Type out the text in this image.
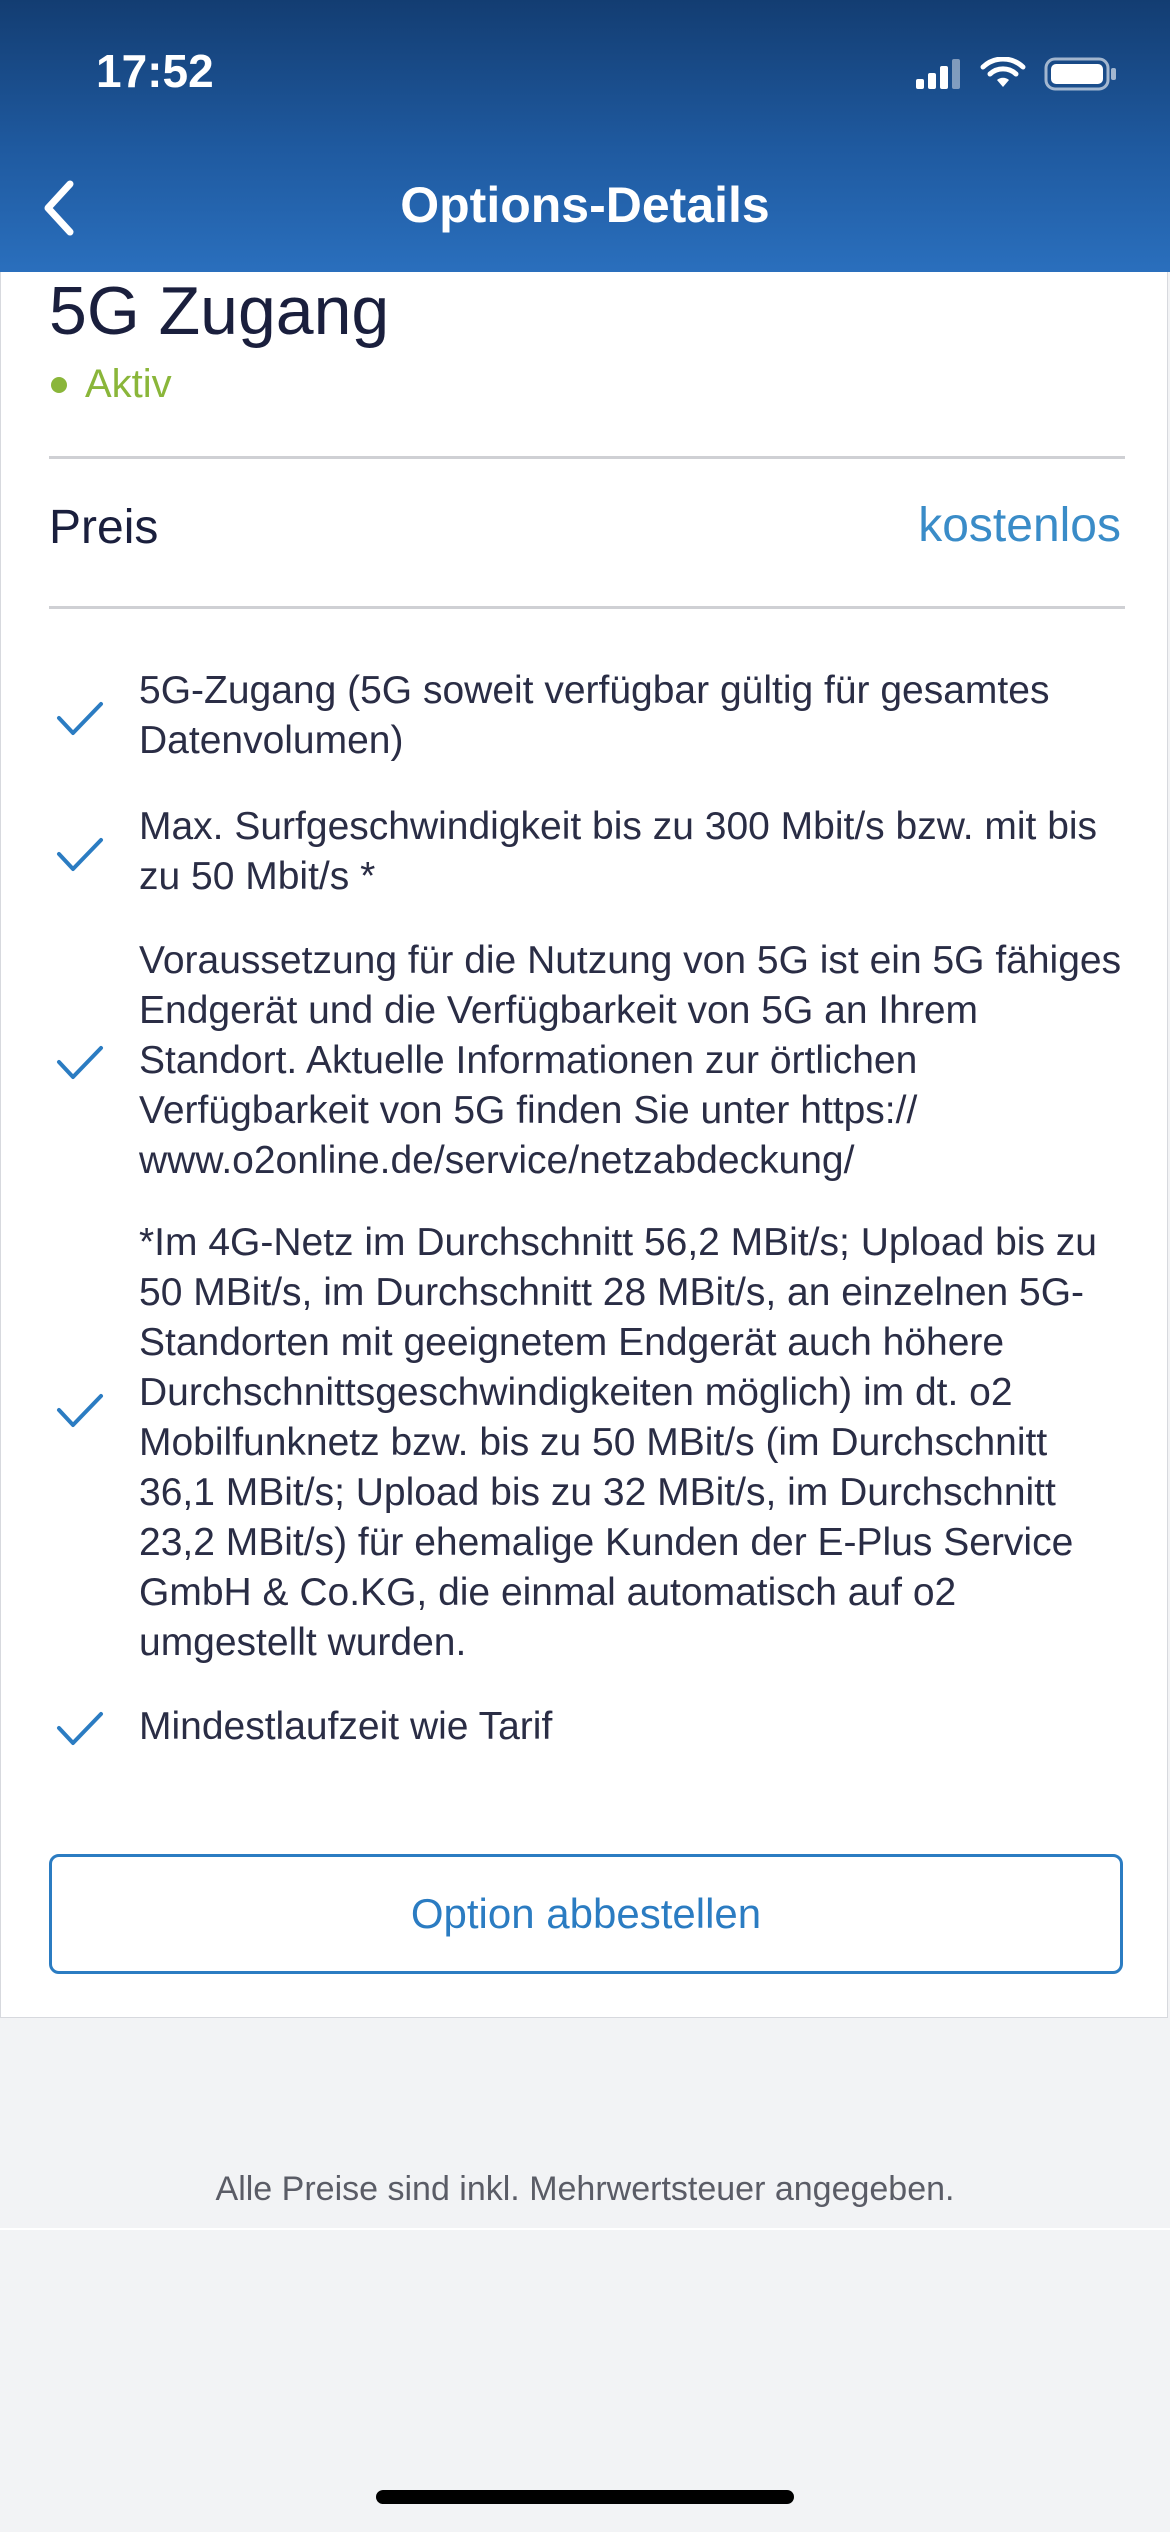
17:52
Options-Details
5G Zugang
Aktiv
Preis	kostenlos
5G-Zugang (5G soweit verfügbar gültig für gesamtes Datenvolumen)
Max. Surfgeschwindigkeit bis zu 300 Mbit/s bzw. mit bis zu 50 Mbit/s *
Voraussetzung für die Nutzung von 5G ist ein 5G fähiges Endgerät und die Verfügbarkeit von 5G an Ihrem Standort. Aktuelle Informationen zur örtlichen Verfügbarkeit von 5G finden Sie unter https:// www.o2online.de/service/netzabdeckung/
*Im 4G-Netz im Durchschnitt 56,2 MBit/s; Upload bis zu 50 MBit/s, im Durchschnitt 28 MBit/s, an einzelnen 5G-Standorten mit geeignetem Endgerät auch höhere Durchschnittsgeschwindigkeiten möglich) im dt. o2 Mobilfunknetz bzw. bis zu 50 MBit/s (im Durchschnitt 36,1 MBit/s; Upload bis zu 32 MBit/s, im Durchschnitt 23,2 MBit/s) für ehemalige Kunden der E-Plus Service GmbH & Co.KG, die einmal automatisch auf o2 umgestellt wurden.
Mindestlaufzeit wie Tarif
Option abbestellen
Alle Preise sind inkl. Mehrwertsteuer angegeben.
